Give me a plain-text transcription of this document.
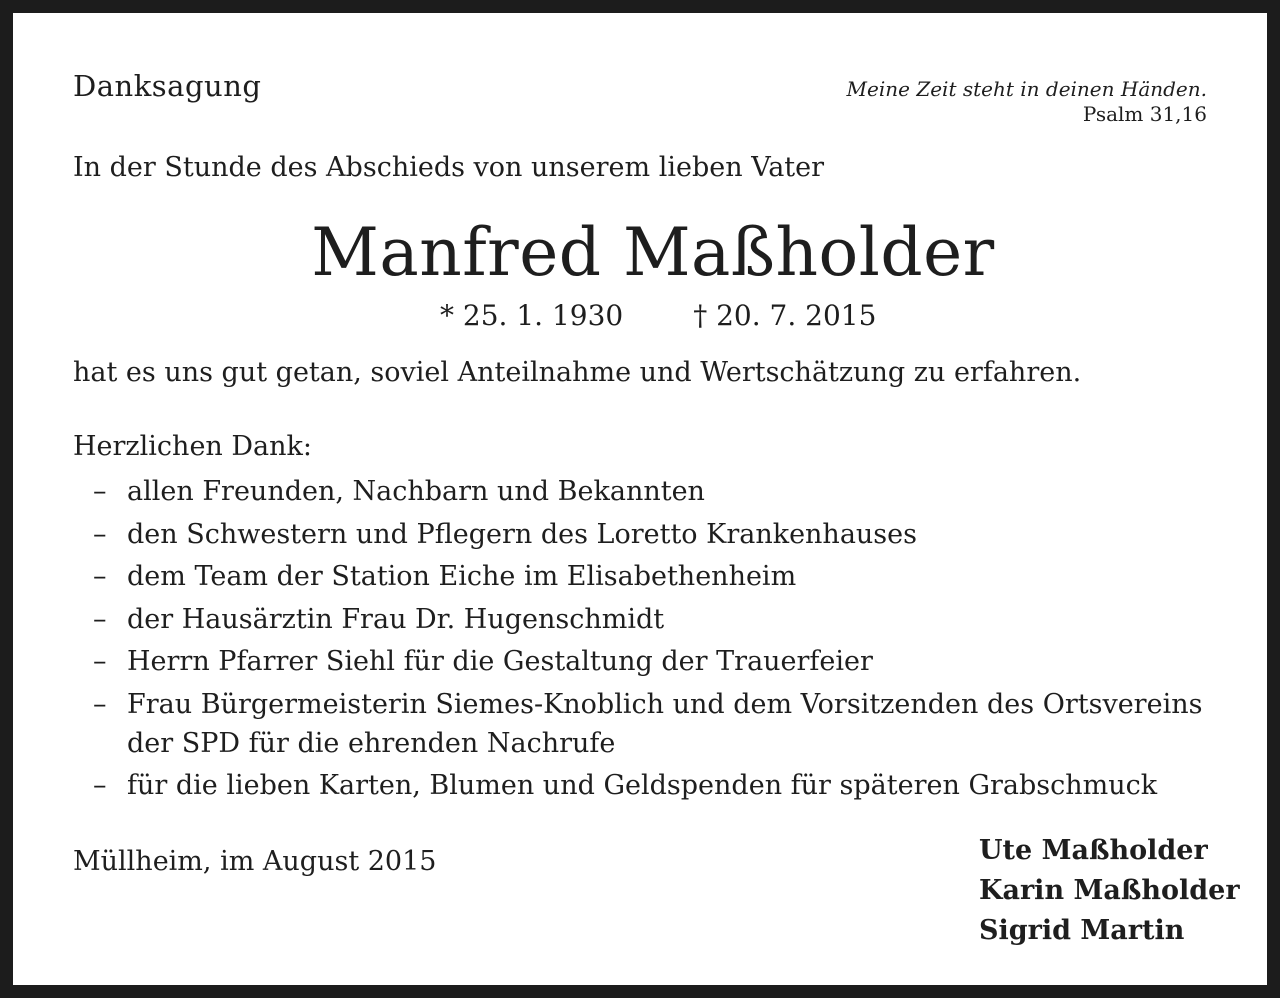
Danksagung	Meine Zeit steht in deinen Händen.
Psalm 31,16

In der Stunde des Abschieds von unserem lieben Vater

Manfred Maßholder
* 25. 1. 1930	† 20. 7. 2015

hat es uns gut getan, soviel Anteilnahme und Wertschätzung zu erfahren.

Herzlichen Dank:

– allen Freunden, Nachbarn und Bekannten
– den Schwestern und Pflegern des Loretto Krankenhauses
– dem Team der Station Eiche im Elisabethenheim
– der Hausärztin Frau Dr. Hugenschmidt
– Herrn Pfarrer Siehl für die Gestaltung der Trauerfeier
– Frau Bürgermeisterin Siemes-Knoblich und dem Vorsitzenden des Ortsvereins der SPD für die ehrenden Nachrufe
– für die lieben Karten, Blumen und Geldspenden für späteren Grabschmuck

Müllheim, im August 2015	Ute Maßholder
Karin Maßholder
Sigrid Martin
